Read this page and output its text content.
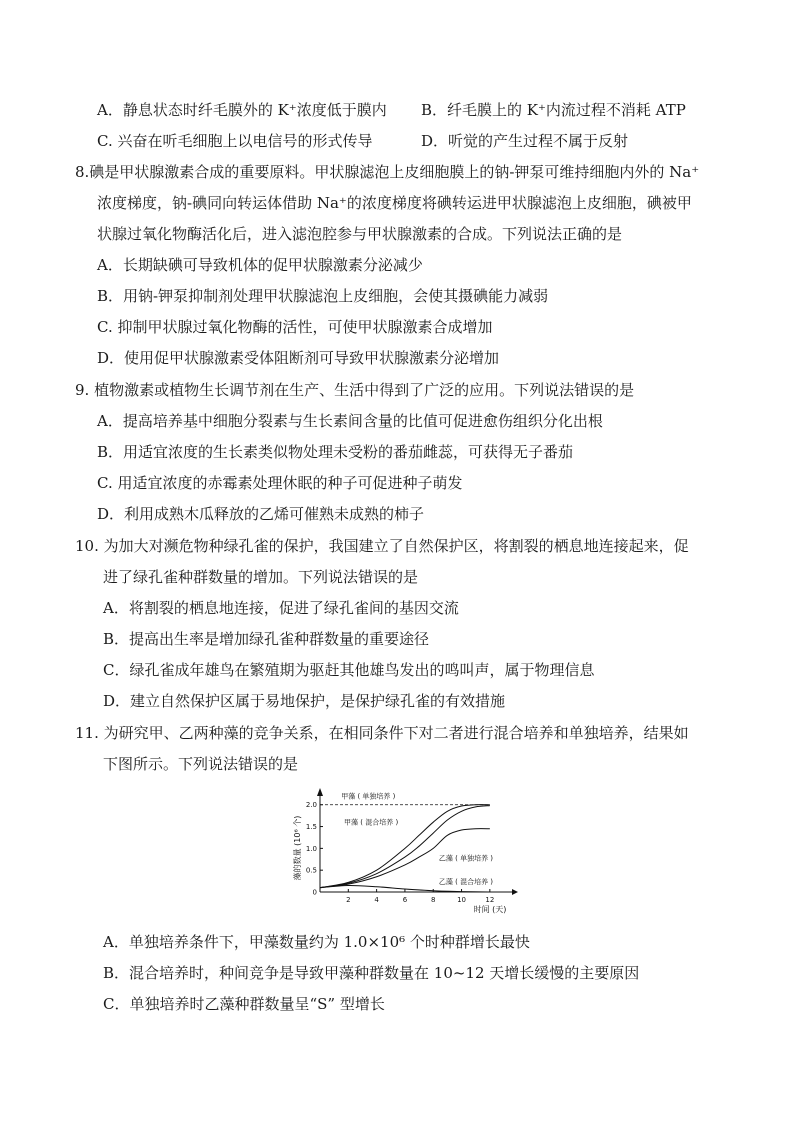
A．静息状态时纤毛膜外的 K⁺浓度低于膜内 B．纤毛膜上的 K⁺内流过程不消耗 ATP
C. 兴奋在听毛细胞上以电信号的形式传导	D．听觉的产生过程不属于反射
8.碘是甲状腺激素合成的重要原料。甲状腺滤泡上皮细胞膜上的钠-钾泵可维持细胞内外的 Na⁺
浓度梯度，钠-碘同向转运体借助 Na⁺的浓度梯度将碘转运进甲状腺滤泡上皮细胞，碘被甲
状腺过氧化物酶活化后，进入滤泡腔参与甲状腺激素的合成。下列说法正确的是
A．长期缺碘可导致机体的促甲状腺激素分泌减少
B．用钠-钾泵抑制剂处理甲状腺滤泡上皮细胞，会使其摄碘能力减弱
C. 抑制甲状腺过氧化物酶的活性，可使甲状腺激素合成增加
D．使用促甲状腺激素受体阻断剂可导致甲状腺激素分泌增加
9. 植物激素或植物生长调节剂在生产、生活中得到了广泛的应用。下列说法错误的是
A．提高培养基中细胞分裂素与生长素间含量的比值可促进愈伤组织分化出根
B．用适宜浓度的生长素类似物处理未受粉的番茄雌蕊，可获得无子番茄
C. 用适宜浓度的赤霉素处理休眠的种子可促进种子萌发
D．利用成熟木瓜释放的乙烯可催熟未成熟的柿子
10. 为加大对濒危物种绿孔雀的保护，我国建立了自然保护区，将割裂的栖息地连接起来，促
进了绿孔雀种群数量的增加。下列说法错误的是
A．将割裂的栖息地连接，促进了绿孔雀间的基因交流
B．提高出生率是增加绿孔雀种群数量的重要途径
C．绿孔雀成年雄鸟在繁殖期为驱赶其他雄鸟发出的鸣叫声，属于物理信息
D．建立自然保护区属于易地保护，是保护绿孔雀的有效措施
11. 为研究甲、乙两种藻的竞争关系，在相同条件下对二者进行混合培养和单独培养，结果如
下图所示。下列说法错误的是
2	4	6	8	10	12
0
0.5
1.0
1.5
2.0
甲藻 ( 单独培养 )
甲藻 ( 混合培养 )
乙藻 ( 单独培养 )
乙藻 ( 混合培养 )
藻的数量 (10⁶ 个)
时间 (天)
A．单独培养条件下，甲藻数量约为 1.0×10⁶ 个时种群增长最快
B．混合培养时，种间竞争是导致甲藻种群数量在 10~12 天增长缓慢的主要原因
C．单独培养时乙藻种群数量呈“S” 型增长
